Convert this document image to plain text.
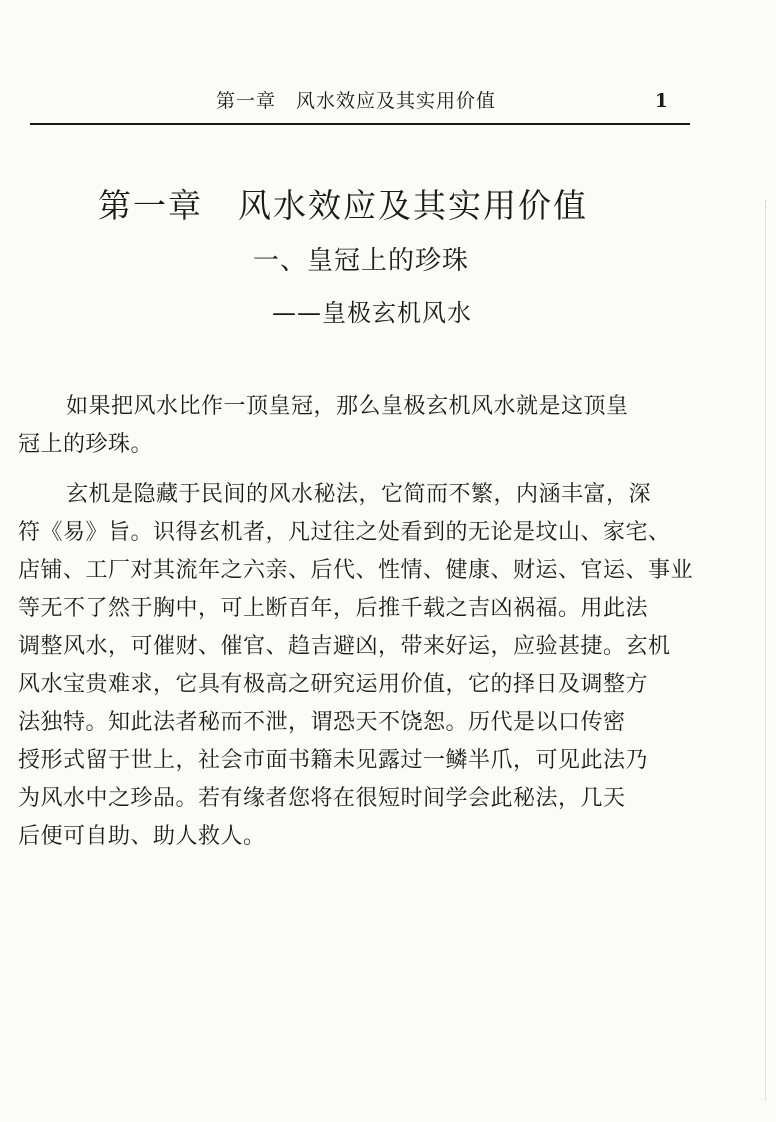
第一章　风水效应及其实用价值	1
第一章　风水效应及其实用价值
一、皇冠上的珍珠
——皇极玄机风水
如果把风水比作一顶皇冠，那么皇极玄机风水就是这顶皇
冠上的珍珠。
玄机是隐藏于民间的风水秘法，它简而不繁，内涵丰富，深
符《易》旨。识得玄机者，凡过往之处看到的无论是坟山、家宅、
店铺、工厂对其流年之六亲、后代、性情、健康、财运、官运、事业
等无不了然于胸中，可上断百年，后推千载之吉凶祸福。用此法
调整风水，可催财、催官、趋吉避凶，带来好运，应验甚捷。玄机
风水宝贵难求，它具有极高之研究运用价值，它的择日及调整方
法独特。知此法者秘而不泄，谓恐天不饶恕。历代是以口传密
授形式留于世上，社会市面书籍未见露过一鳞半爪，可见此法乃
为风水中之珍品。若有缘者您将在很短时间学会此秘法，几天
后便可自助、助人救人。
